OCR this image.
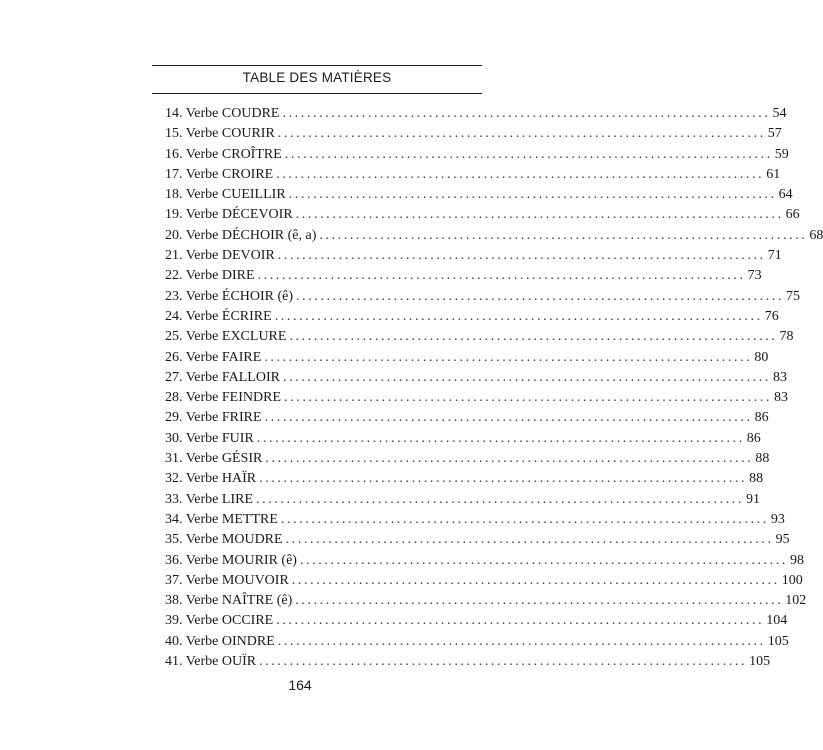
TABLE DES MATIÈRES
14. Verbe COUDRE ................................................................................ 54
15. Verbe COURIR ................................................................................ 57
16. Verbe CROÎTRE ................................................................................ 59
17. Verbe CROIRE ................................................................................ 61
18. Verbe CUEILLIR ................................................................................ 64
19. Verbe DÉCEVOIR ................................................................................ 66
20. Verbe DÉCHOIR (ê, a) ................................................................................ 68
21. Verbe DEVOIR ................................................................................ 71
22. Verbe DIRE ................................................................................ 73
23. Verbe ÉCHOIR (ê) ................................................................................ 75
24. Verbe ÉCRIRE ................................................................................ 76
25. Verbe EXCLURE ................................................................................ 78
26. Verbe FAIRE ................................................................................ 80
27. Verbe FALLOIR ................................................................................ 83
28. Verbe FEINDRE ................................................................................ 83
29. Verbe FRIRE ................................................................................ 86
30. Verbe FUIR ................................................................................ 86
31. Verbe GÉSIR ................................................................................ 88
32. Verbe HAÏR ................................................................................ 88
33. Verbe LIRE ................................................................................ 91
34. Verbe METTRE ................................................................................ 93
35. Verbe MOUDRE ................................................................................ 95
36. Verbe MOURIR (ê) ................................................................................ 98
37. Verbe MOUVOIR ................................................................................ 100
38. Verbe NAÎTRE (ê) ................................................................................ 102
39. Verbe OCCIRE ................................................................................ 104
40. Verbe OINDRE ................................................................................ 105
41. Verbe OUÏR ................................................................................ 105
164
